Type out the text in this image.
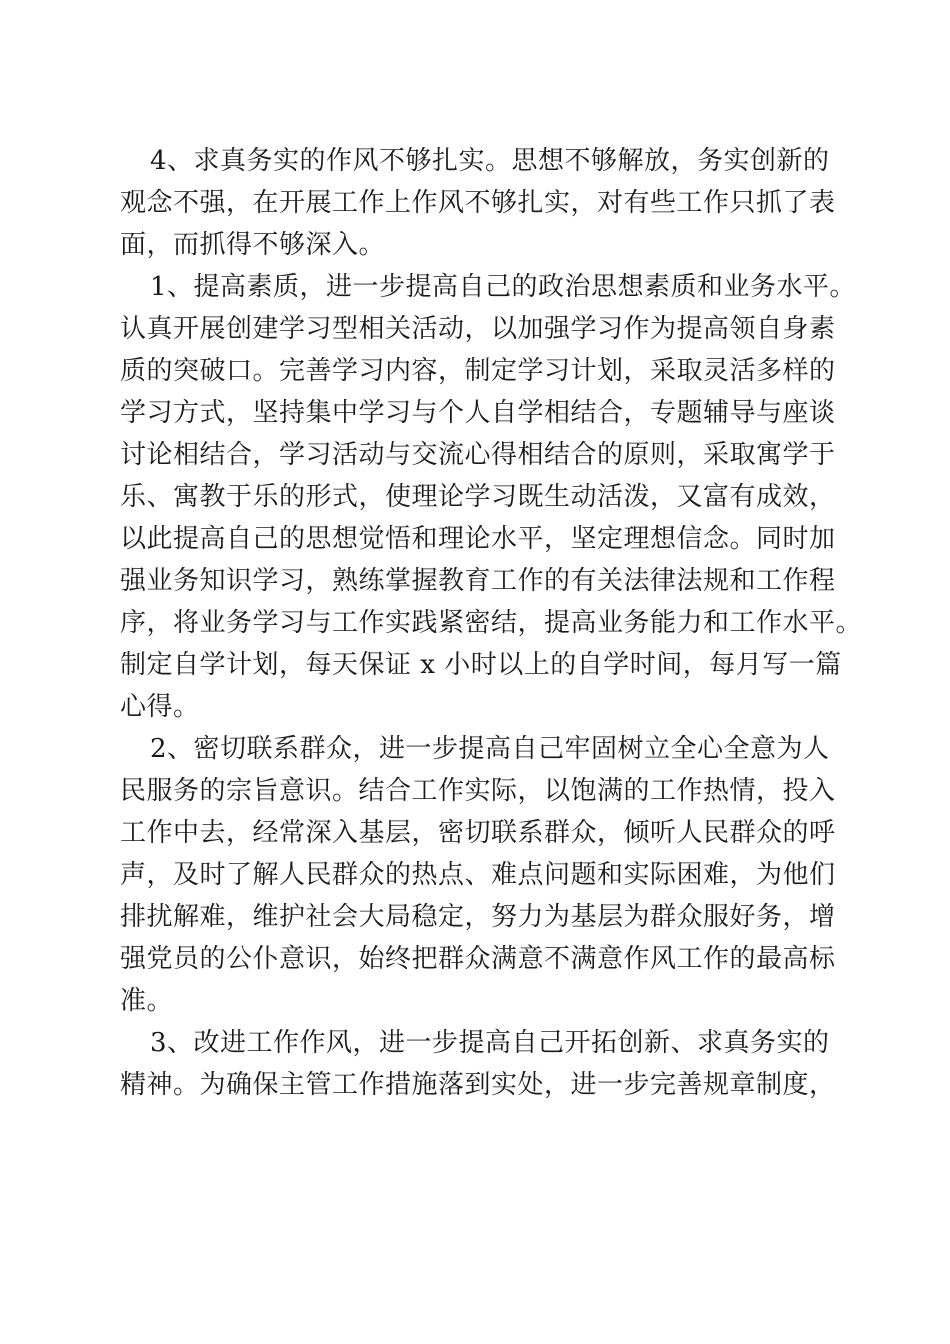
4、求真务实的作风不够扎实。思想不够解放，务实创新的
观念不强，在开展工作上作风不够扎实，对有些工作只抓了表
面，而抓得不够深入。
1、提高素质，进一步提高自己的政治思想素质和业务水平。
认真开展创建学习型相关活动，以加强学习作为提高领自身素
质的突破口。完善学习内容，制定学习计划，采取灵活多样的
学习方式，坚持集中学习与个人自学相结合，专题辅导与座谈
讨论相结合，学习活动与交流心得相结合的原则，采取寓学于
乐、寓教于乐的形式，使理论学习既生动活泼，又富有成效，
以此提高自己的思想觉悟和理论水平，坚定理想信念。同时加
强业务知识学习，熟练掌握教育工作的有关法律法规和工作程
序，将业务学习与工作实践紧密结，提高业务能力和工作水平。
制定自学计划，每天保证 x 小时以上的自学时间，每月写一篇
心得。
2、密切联系群众，进一步提高自己牢固树立全心全意为人
民服务的宗旨意识。结合工作实际，以饱满的工作热情，投入
工作中去，经常深入基层，密切联系群众，倾听人民群众的呼
声，及时了解人民群众的热点、难点问题和实际困难，为他们
排扰解难，维护社会大局稳定，努力为基层为群众服好务，增
强党员的公仆意识，始终把群众满意不满意作风工作的最高标
准。
3、改进工作作风，进一步提高自己开拓创新、求真务实的
精神。为确保主管工作措施落到实处，进一步完善规章制度，
